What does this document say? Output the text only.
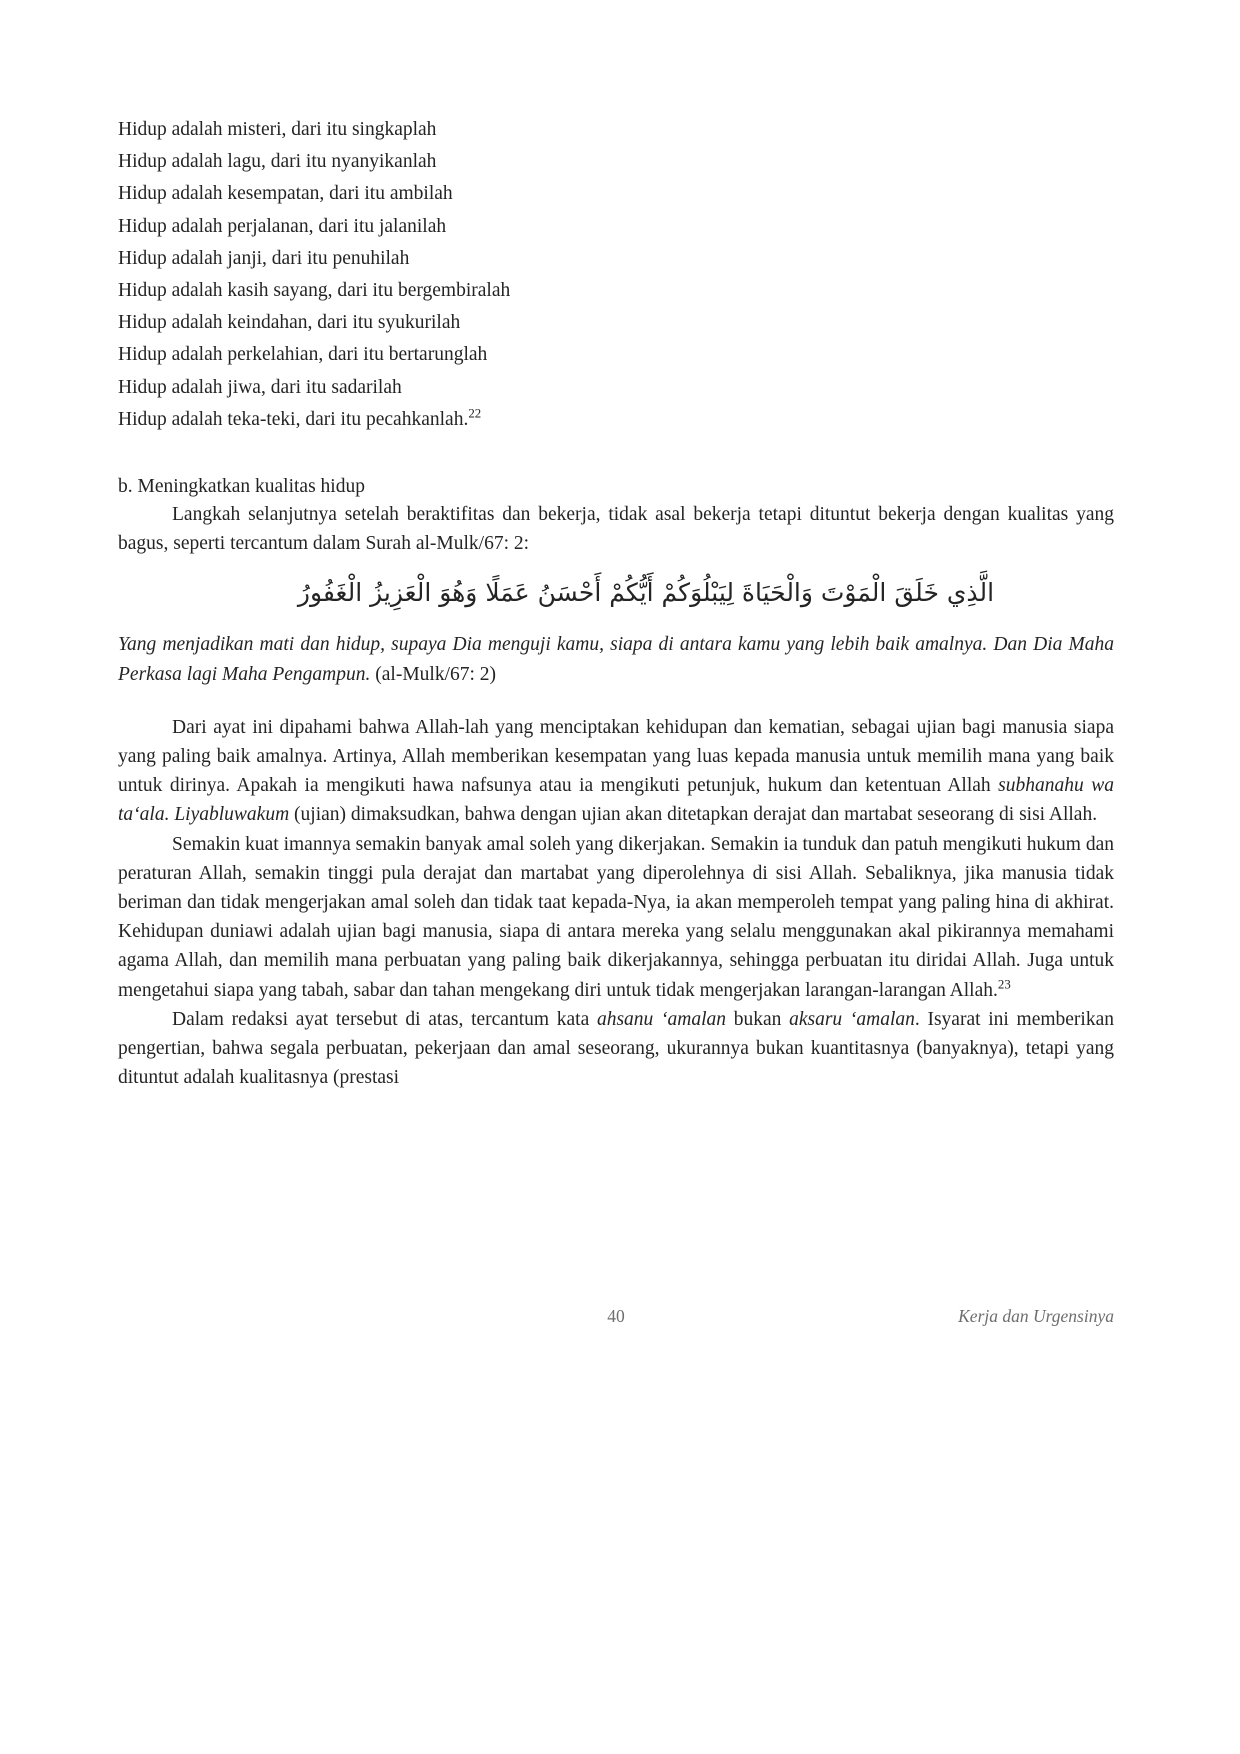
Hidup adalah misteri, dari itu singkaplah
Hidup adalah lagu, dari itu nyanyikanlah
Hidup adalah kesempatan, dari itu ambilah
Hidup adalah perjalanan, dari itu jalanilah
Hidup adalah janji, dari itu penuhilah
Hidup adalah kasih sayang, dari itu bergembiralah
Hidup adalah keindahan, dari itu syukurilah
Hidup adalah perkelahian, dari itu bertarunglah
Hidup adalah jiwa, dari itu sadarilah
Hidup adalah teka-teki, dari itu pecahkanlah.$^{22}$
b. Meningkatkan kualitas hidup

Langkah selanjutnya setelah beraktifitas dan bekerja, tidak asal bekerja tetapi dituntut bekerja dengan kualitas yang bagus, seperti tercantum dalam Surah al-Mulk/67: 2:

الَّذِي خَلَقَ الْمَوْتَ وَالْحَيَاةَ لِيَبْلُوَكُمْ أَيُّكُمْ أَحْسَنُ عَمَلًا وَهُوَ الْعَزِيزُ الْغَفُورُ

Yang menjadikan mati dan hidup, supaya Dia menguji kamu, siapa di antara kamu yang lebih baik amalnya. Dan Dia Maha Perkasa lagi Maha Pengampun. (al-Mulk/67: 2)

Dari ayat ini dipahami bahwa Allah-lah yang menciptakan kehidupan dan kematian, sebagai ujian bagi manusia siapa yang paling baik amalnya. Artinya, Allah memberikan kesempatan yang luas kepada manusia untuk memilih mana yang baik untuk dirinya. Apakah ia mengikuti hawa nafsunya atau ia mengikuti petunjuk, hukum dan ketentuan Allah subhanahu wa ta‘ala. Liyabluwakum (ujian) dimaksudkan, bahwa dengan ujian akan ditetapkan derajat dan martabat seseorang di sisi Allah.

Semakin kuat imannya semakin banyak amal soleh yang dikerjakan. Semakin ia tunduk dan patuh mengikuti hukum dan peraturan Allah, semakin tinggi pula derajat dan martabat yang diperolehnya di sisi Allah. Sebaliknya, jika manusia tidak beriman dan tidak mengerjakan amal soleh dan tidak taat kepada-Nya, ia akan memperoleh tempat yang paling hina di akhirat. Kehidupan duniawi adalah ujian bagi manusia, siapa di antara mereka yang selalu menggunakan akal pikirannya memahami agama Allah, dan memilih mana perbuatan yang paling baik dikerjakannya, sehingga perbuatan itu diridai Allah. Juga untuk mengetahui siapa yang tabah, sabar dan tahan mengekang diri untuk tidak mengerjakan larangan-larangan Allah.$^{23}$

Dalam redaksi ayat tersebut di atas, tercantum kata ahsanu ‘amalan bukan aksaru ‘amalan. Isyarat ini memberikan pengertian, bahwa segala perbuatan, pekerjaan dan amal seseorang, ukurannya bukan kuantitasnya (banyaknya), tetapi yang dituntut adalah kualitasnya (prestasi

40	Kerja dan Urgensinya
